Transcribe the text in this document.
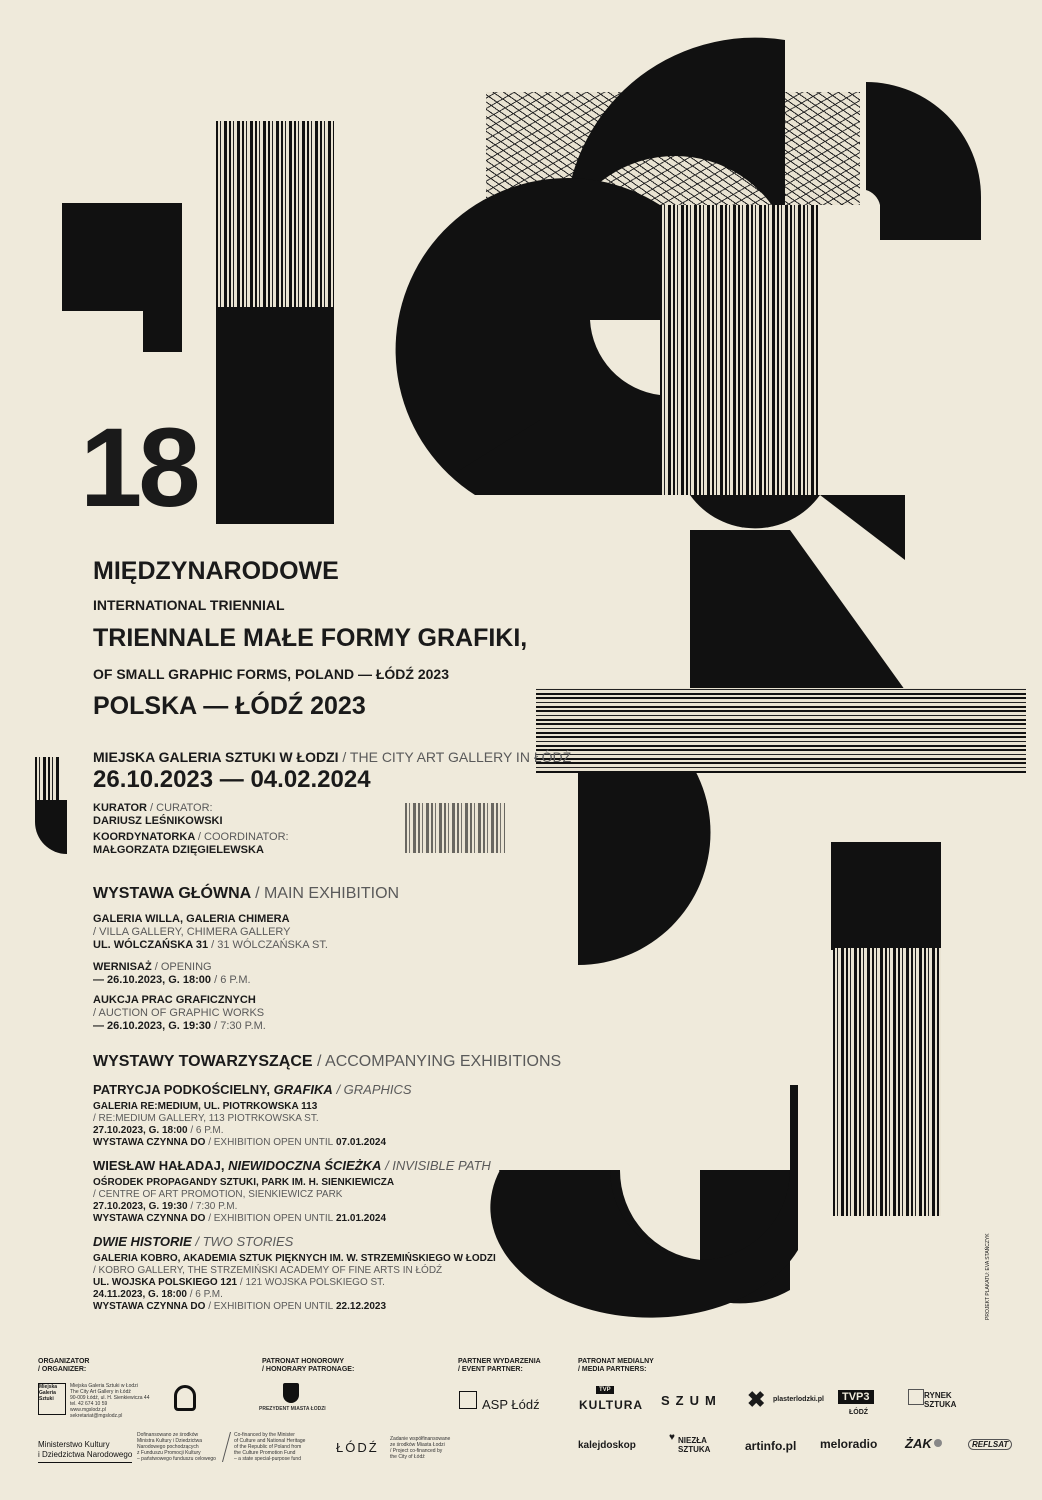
18
MIĘDZYNARODOWE
INTERNATIONAL TRIENNIAL
TRIENNALE MAŁE FORMY GRAFIKI,
OF SMALL GRAPHIC FORMS, POLAND — ŁÓDŹ 2023
POLSKA — ŁÓDŹ 2023
MIEJSKA GALERIA SZTUKI W ŁODZI / THE CITY ART GALLERY IN ŁÓDŹ
26.10.2023 — 04.02.2024
KURATOR / CURATOR:
DARIUSZ LEŚNIKOWSKI
KOORDYNATORKA / COORDINATOR:
MAŁGORZATA DZIĘGIELEWSKA
WYSTAWA GŁÓWNA / MAIN EXHIBITION
GALERIA WILLA, GALERIA CHIMERA
/ VILLA GALLERY, CHIMERA GALLERY
UL. WÓLCZAŃSKA 31 / 31 WÓLCZAŃSKA ST.
WERNISAŻ / OPENING
— 26.10.2023, G. 18:00 / 6 P.M.
AUKCJA PRAC GRAFICZNYCH
/ AUCTION OF GRAPHIC WORKS
— 26.10.2023, G. 19:30 / 7:30 P.M.
WYSTAWY TOWARZYSZĄCE / ACCOMPANYING EXHIBITIONS
PATRYCJA PODKOŚCIELNY, GRAFIKA / GRAPHICS
GALERIA RE:MEDIUM, UL. PIOTRKOWSKA 113
/ RE:MEDIUM GALLERY, 113 PIOTRKOWSKA ST.
27.10.2023, G. 18:00 / 6 P.M.
WYSTAWA CZYNNA DO / EXHIBITION OPEN UNTIL 07.01.2024
WIESŁAW HAŁADAJ, NIEWIDOCZNA ŚCIEŻKA / INVISIBLE PATH
OŚRODEK PROPAGANDY SZTUKI, PARK IM. H. SIENKIEWICZA
/ CENTRE OF ART PROMOTION, SIENKIEWICZ PARK
27.10.2023, G. 19:30 / 7:30 P.M.
WYSTAWA CZYNNA DO / EXHIBITION OPEN UNTIL 21.01.2024
DWIE HISTORIE / TWO STORIES
GALERIA KOBRO, AKADEMIA SZTUK PIĘKNYCH IM. W. STRZEMIŃSKIEGO W ŁODZI
/ KOBRO GALLERY, THE STRZEMIŃSKI ACADEMY OF FINE ARTS IN ŁÓDŹ
UL. WOJSKA POLSKIEGO 121 / 121 WOJSKA POLSKIEGO ST.
24.11.2023, G. 18:00 / 6 P.M.
WYSTAWA CZYNNA DO / EXHIBITION OPEN UNTIL 22.12.2023	PROJEKT PLAKATU: EVA STAŃCZYK
ORGANIZATOR
/ ORGANIZER:
PATRONAT HONOROWY
/ HONORARY PATRONAGE:
PARTNER WYDARZENIA
/ EVENT PARTNER:
PATRONAT MEDIALNY
/ MEDIA PARTNERS:
Miejska Galeria Sztuki
Miejska Galeria Sztuki w Łodzi
The City Art Gallery in Łódź
90-009 Łódź, ul. H. Sienkiewicza 44
tel. 42 674 10 59
www.mgslodz.pl
sekretariat@mgslodz.pl
PREZYDENT MIASTA ŁODZI	ASP Łódź
TVP
KULTURA SZUM ✖ plasterlodzki.pl	TVP3
ŁÓDŹ
RYNEK SZTUKA
Ministerstwo Kultury
i Dziedzictwa Narodowego
Dofinansowano ze środków
Ministra Kultury i Dziedzictwa
Narodowego pochodzących
z Funduszu Promocji Kultury
– państwowego funduszu celowego
Co-financed by the Minister
of Culture and National Heritage
of the Republic of Poland from
the Culture Promotion Fund
– a state special-purpose fund
ŁÓDŹ
Zadanie współfinansowane
ze środków Miasta Łodzi
/ Project co-financed by
the City of Łódź
kalejdoskop
♥ NIEZŁA SZTUKA	artinfo.pl meloradio ŻAK	REFLSAT
